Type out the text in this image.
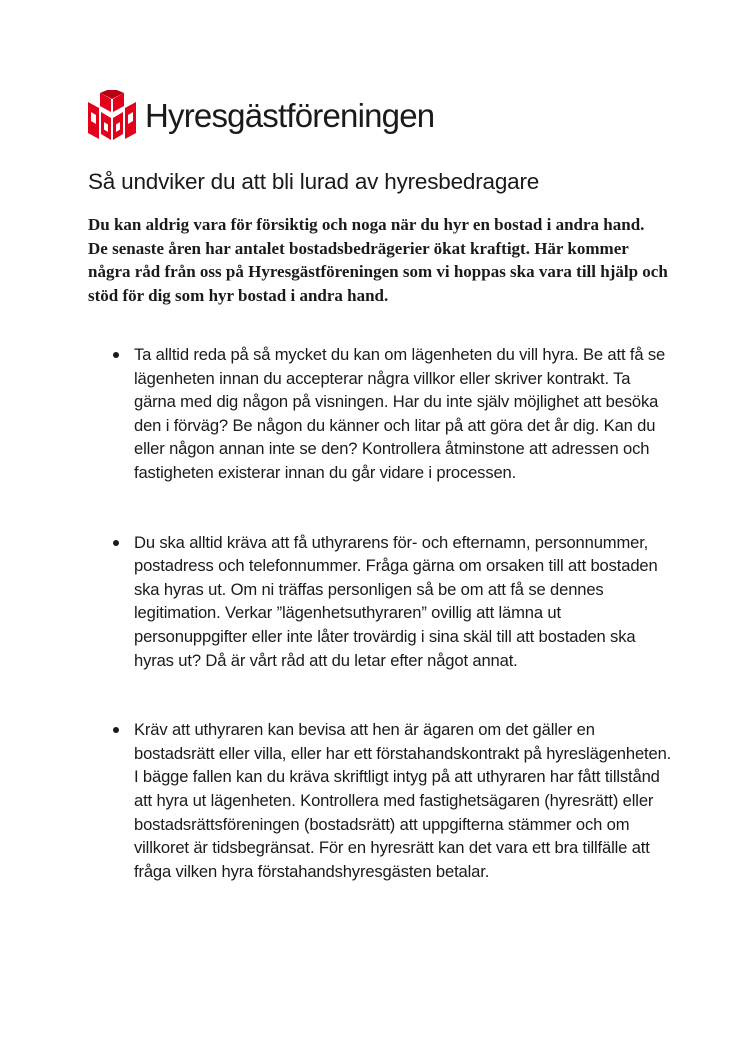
Hyresgästföreningen
Så undviker du att bli lurad av hyresbedragare

Du kan aldrig vara för försiktig och noga när du hyr en bostad i andra hand. De senaste åren har antalet bostadsbedrägerier ökat kraftigt. Här kommer några råd från oss på Hyresgästföreningen som vi hoppas ska vara till hjälp och stöd för dig som hyr bostad i andra hand.

Ta alltid reda på så mycket du kan om lägenheten du vill hyra. Be att få se lägenheten innan du accepterar några villkor eller skriver kontrakt. Ta gärna med dig någon på visningen. Har du inte själv möjlighet att besöka den i förväg? Be någon du känner och litar på att göra det år dig. Kan du eller någon annan inte se den? Kontrollera åtminstone att adressen och fastigheten existerar innan du går vidare i processen.
Du ska alltid kräva att få uthyrarens för- och efternamn, personnummer, postadress och telefonnummer. Fråga gärna om orsaken till att bostaden ska hyras ut. Om ni träffas personligen så be om att få se dennes legitimation. Verkar ”lägenhetsuthyraren” ovillig att lämna ut personuppgifter eller inte låter trovärdig i sina skäl till att bostaden ska hyras ut? Då är vårt råd att du letar efter något annat.
Kräv att uthyraren kan bevisa att hen är ägaren om det gäller en bostadsrätt eller villa, eller har ett förstahandskontrakt på hyreslägenheten. I bägge fallen kan du kräva skriftligt intyg på att uthyraren har fått tillstånd att hyra ut lägenheten. Kontrollera med fastighetsägaren (hyresrätt) eller bostadsrättsföreningen (bostadsrätt) att uppgifterna stämmer och om villkoret är tidsbegränsat. För en hyresrätt kan det vara ett bra tillfälle att fråga vilken hyra förstahandshyresgästen betalar.
